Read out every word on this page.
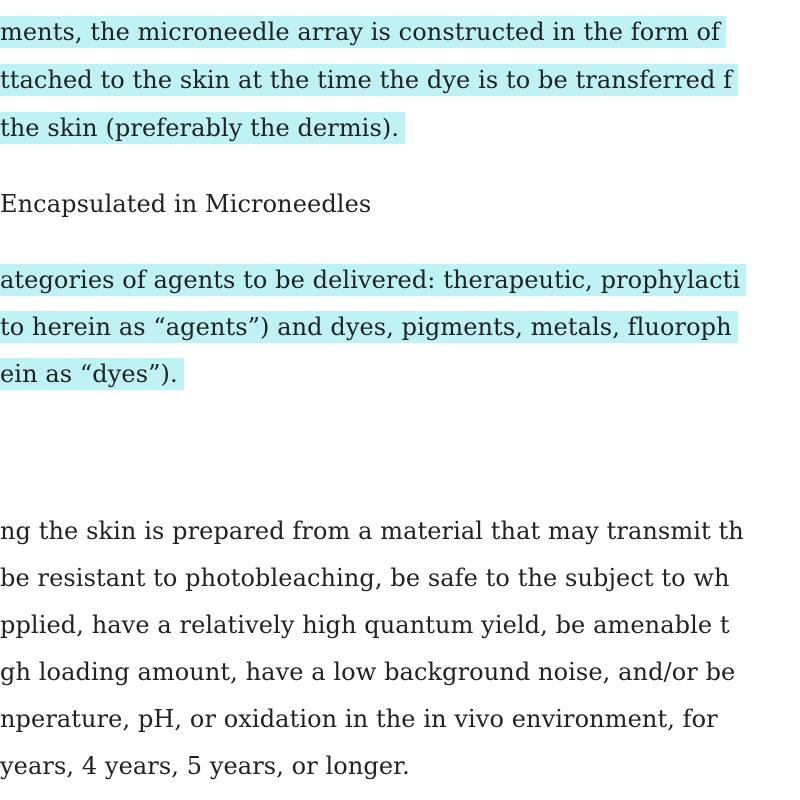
ments, the microneedle array is constructed in the form of
ttached to the skin at the time the dye is to be transferred f
the skin (preferably the dermis).
Encapsulated in Microneedles
ategories of agents to be delivered: therapeutic, prophylacti
to herein as “agents”) and dyes, pigments, metals, fluoroph
ein as “dyes”).
ng the skin is prepared from a material that may transmit th
be resistant to photobleaching, be safe to the subject to wh
pplied, have a relatively high quantum yield, be amenable t
gh loading amount, have a low background noise, and/or be
nperature, pH, or oxidation in the in vivo environment, for
years, 4 years, 5 years, or longer.
